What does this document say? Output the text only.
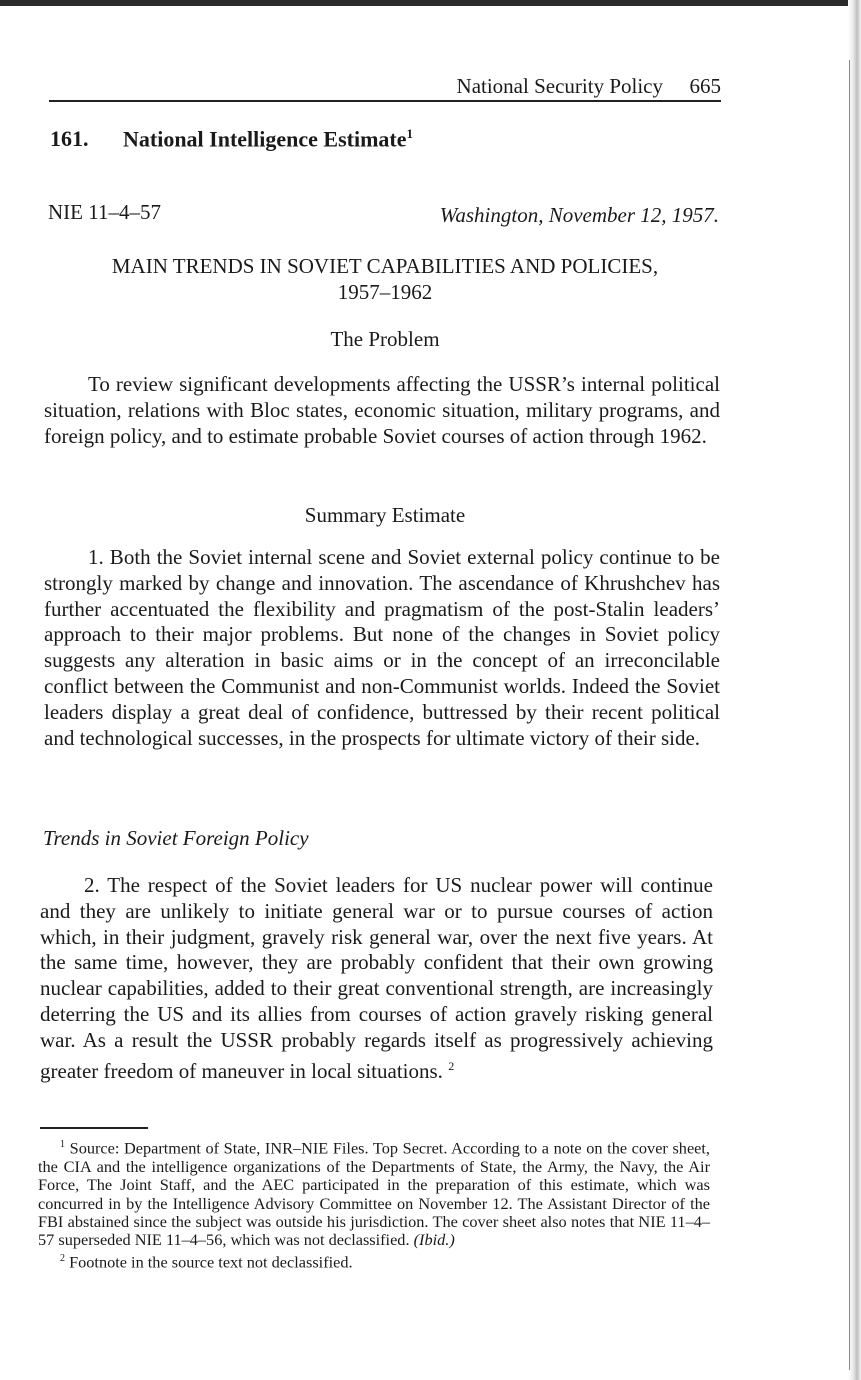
National Security Policy 665
161. National Intelligence Estimate$^1$
NIE 11–4–57	Washington, November 12, 1957.
MAIN TRENDS IN SOVIET CAPABILITIES AND POLICIES,
1957–1962
The Problem

To review significant developments affecting the USSR’s internal political situation, relations with Bloc states, economic situation, military programs, and foreign policy, and to estimate probable Soviet courses of action through 1962.

Summary Estimate

1. Both the Soviet internal scene and Soviet external policy continue to be strongly marked by change and innovation. The ascendance of Khrushchev has further accentuated the flexibility and pragmatism of the post-Stalin leaders’ approach to their major problems. But none of the changes in Soviet policy suggests any alteration in basic aims or in the concept of an irreconcilable conflict between the Communist and non-Communist worlds. Indeed the Soviet leaders display a great deal of confidence, buttressed by their recent political and technological successes, in the prospects for ultimate victory of their side.

Trends in Soviet Foreign Policy

2. The respect of the Soviet leaders for US nuclear power will continue and they are unlikely to initiate general war or to pursue courses of action which, in their judgment, gravely risk general war, over the next five years. At the same time, however, they are probably confident that their own growing nuclear capabilities, added to their great conventional strength, are increasingly deterring the US and its allies from courses of action gravely risking general war. As a result the USSR probably regards itself as progressively achieving greater freedom of maneuver in local situations. $^2$

$^1$ Source: Department of State, INR–NIE Files. Top Secret. According to a note on the cover sheet, the CIA and the intelligence organizations of the Departments of State, the Army, the Navy, the Air Force, The Joint Staff, and the AEC participated in the preparation of this estimate, which was concurred in by the Intelligence Advisory Committee on November 12. The Assistant Director of the FBI abstained since the subject was outside his jurisdiction. The cover sheet also notes that NIE 11–4–57 superseded NIE 11–4–56, which was not declassified. (Ibid.)

$^2$ Footnote in the source text not declassified.
